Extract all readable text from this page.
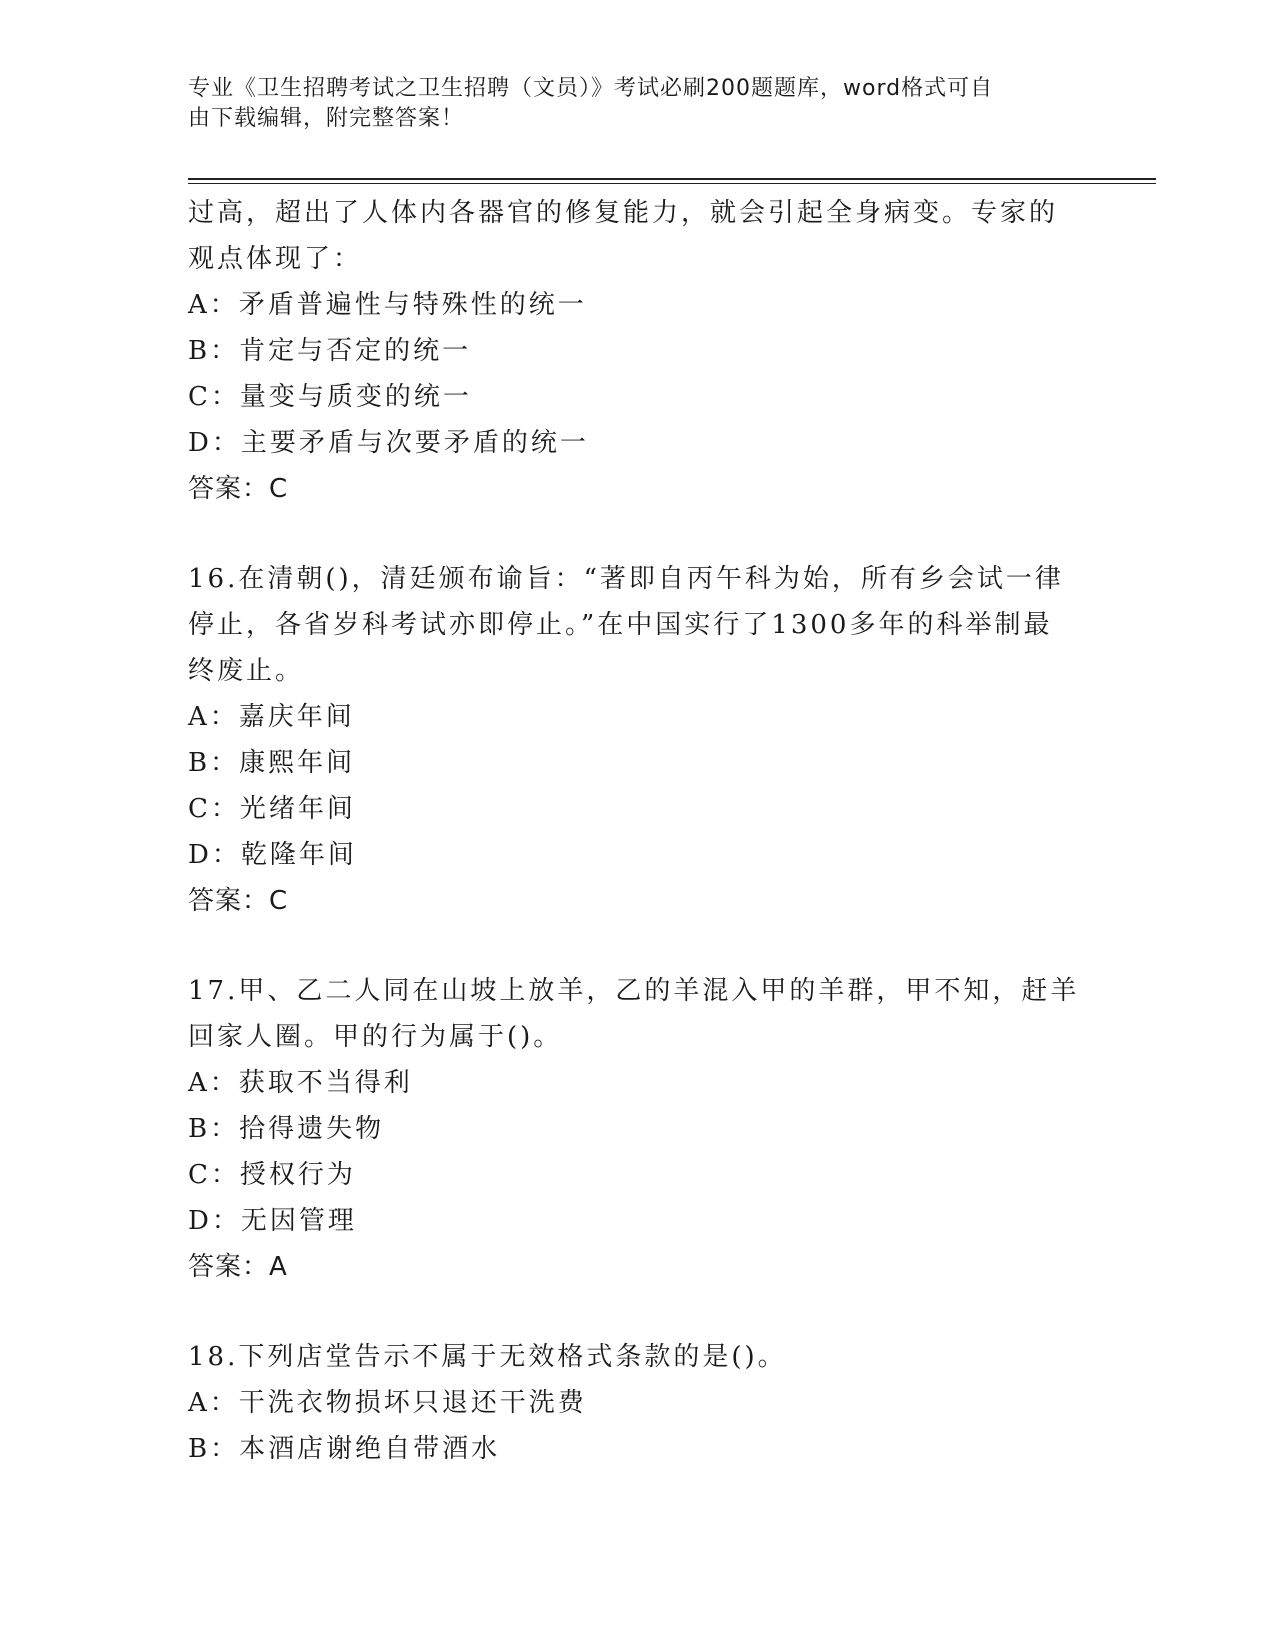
专业《卫生招聘考试之卫生招聘（文员）》考试必刷200题题库，word格式可自
由下载编辑，附完整答案！
过高，超出了人体内各器官的修复能力，就会引起全身病变。专家的
观点体现了：
A：矛盾普遍性与特殊性的统一
B：肯定与否定的统一
C：量变与质变的统一
D：主要矛盾与次要矛盾的统一
答案：C
16.在清朝()，清廷颁布谕旨：“著即自丙午科为始，所有乡会试一律
停止，各省岁科考试亦即停止。”在中国实行了1300多年的科举制最
终废止。
A：嘉庆年间
B：康熙年间
C：光绪年间
D：乾隆年间
答案：C
17.甲、乙二人同在山坡上放羊，乙的羊混入甲的羊群，甲不知，赶羊
回家人圈。甲的行为属于()。
A：获取不当得利
B：拾得遗失物
C：授权行为
D：无因管理
答案：A
18.下列店堂告示不属于无效格式条款的是()。
A：干洗衣物损坏只退还干洗费
B：本酒店谢绝自带酒水
